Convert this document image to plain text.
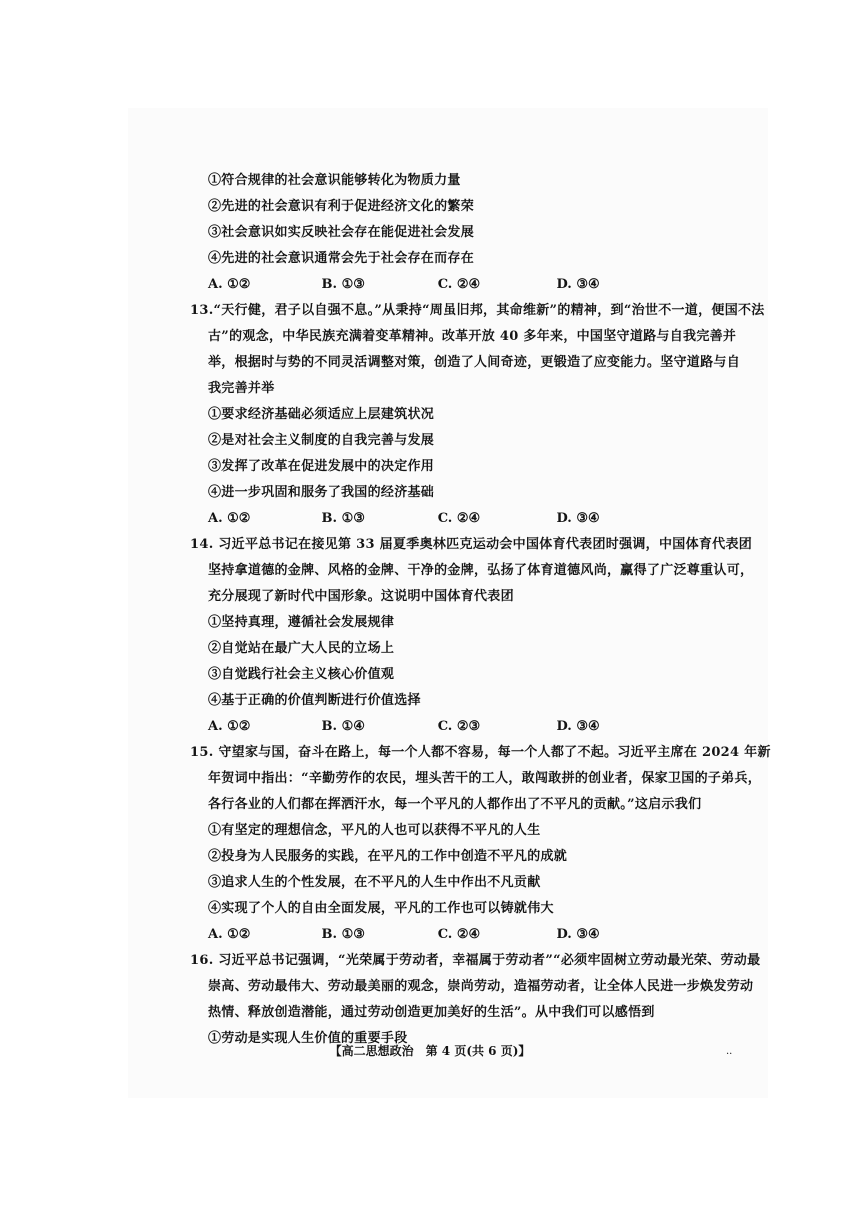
①符合规律的社会意识能够转化为物质力量
②先进的社会意识有利于促进经济文化的繁荣
③社会意识如实反映社会存在能促进社会发展
④先进的社会意识通常会先于社会存在而存在
A. ①②	B. ①③	C. ②④	D. ③④
13.“天行健，君子以自强不息。”从秉持“周虽旧邦，其命维新”的精神，到“治世不一道，便国不法
古”的观念，中华民族充满着变革精神。改革开放 40 多年来，中国坚守道路与自我完善并
举，根据时与势的不同灵活调整对策，创造了人间奇迹，更锻造了应变能力。坚守道路与自
我完善并举
①要求经济基础必须适应上层建筑状况
②是对社会主义制度的自我完善与发展
③发挥了改革在促进发展中的决定作用
④进一步巩固和服务了我国的经济基础
A. ①②	B. ①③	C. ②④	D. ③④
14. 习近平总书记在接见第 33 届夏季奥林匹克运动会中国体育代表团时强调，中国体育代表团
坚持拿道德的金牌、风格的金牌、干净的金牌，弘扬了体育道德风尚，赢得了广泛尊重认可，
充分展现了新时代中国形象。这说明中国体育代表团
①坚持真理，遵循社会发展规律
②自觉站在最广大人民的立场上
③自觉践行社会主义核心价值观
④基于正确的价值判断进行价值选择
A. ①②	B. ①④	C. ②③	D. ③④
15. 守望家与国，奋斗在路上，每一个人都不容易，每一个人都了不起。习近平主席在 2024 年新
年贺词中指出：“辛勤劳作的农民，埋头苦干的工人，敢闯敢拼的创业者，保家卫国的子弟兵，
各行各业的人们都在挥洒汗水，每一个平凡的人都作出了不平凡的贡献。”这启示我们
①有坚定的理想信念，平凡的人也可以获得不平凡的人生
②投身为人民服务的实践，在平凡的工作中创造不平凡的成就
③追求人生的个性发展，在不平凡的人生中作出不凡贡献
④实现了个人的自由全面发展，平凡的工作也可以铸就伟大
A. ①②	B. ①③	C. ②④	D. ③④
16. 习近平总书记强调，“光荣属于劳动者，幸福属于劳动者”“必须牢固树立劳动最光荣、劳动最
崇高、劳动最伟大、劳动最美丽的观念，崇尚劳动，造福劳动者，让全体人民进一步焕发劳动
热情、释放创造潜能，通过劳动创造更加美好的生活”。从中我们可以感悟到
①劳动是实现人生价值的重要手段
【高二思想政治　第 4 页(共 6 页)】	..
